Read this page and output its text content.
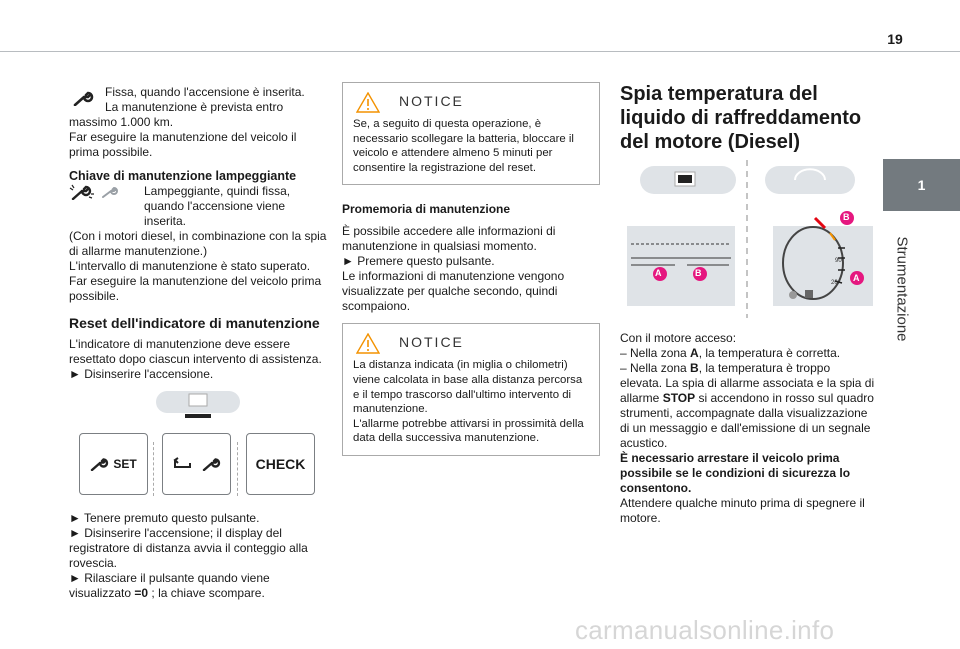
19
1
Strumentazione

Fissa, quando l'accensione è inserita.

La manutenzione è prevista entro

massimo 1.000 km.

Far eseguire la manutenzione del veicolo il prima possibile.

Chiave di manutenzione lampeggiante

Lampeggiante, quindi fissa,

quando l'accensione viene inserita.

(Con i motori diesel, in combinazione con la spia di allarme manutenzione.)

L'intervallo di manutenzione è stato superato.

Far eseguire la manutenzione del veicolo prima possibile.

Reset dell'indicatore di manutenzione

L'indicatore di manutenzione deve essere resettato dopo ciascun intervento di assistenza.

► Disinserire l'accensione.

SET	CHECK

► Tenere premuto questo pulsante.

► Disinserire l'accensione; il display del registratore di distanza avvia il conteggio alla rovescia.

► Rilasciare il pulsante quando viene visualizzato =0 ; la chiave scompare.

NOTICE

Se, a seguito di questa operazione, è necessario scollegare la batteria, bloccare il veicolo e attendere almeno 5 minuti per consentire la registrazione del reset.

Promemoria di manutenzione

È possibile accedere alle informazioni di manutenzione in qualsiasi momento.

► Premere questo pulsante.

Le informazioni di manutenzione vengono visualizzate per qualche secondo, quindi scompaiono.

NOTICE

La distanza indicata (in miglia o chilometri) viene calcolata in base alla distanza percorsa e il tempo trascorso dall'ultimo intervento di manutenzione.

L'allarme potrebbe attivarsi in prossimità della data della successiva manutenzione.

Spia temperatura del liquido di raffreddamento del motore (Diesel)
A	B
B
A
90
20

Con il motore acceso:

– Nella zona A, la temperatura è corretta.

– Nella zona B, la temperatura è troppo elevata. La spia di allarme associata e la spia di allarme STOP si accendono in rosso sul quadro strumenti, accompagnate dalla visualizzazione di un messaggio e dall'emissione di un segnale acustico.

È necessario arrestare il veicolo prima possibile se le condizioni di sicurezza lo consentono.

Attendere qualche minuto prima di spegnere il motore.

carmanualsonline.info
